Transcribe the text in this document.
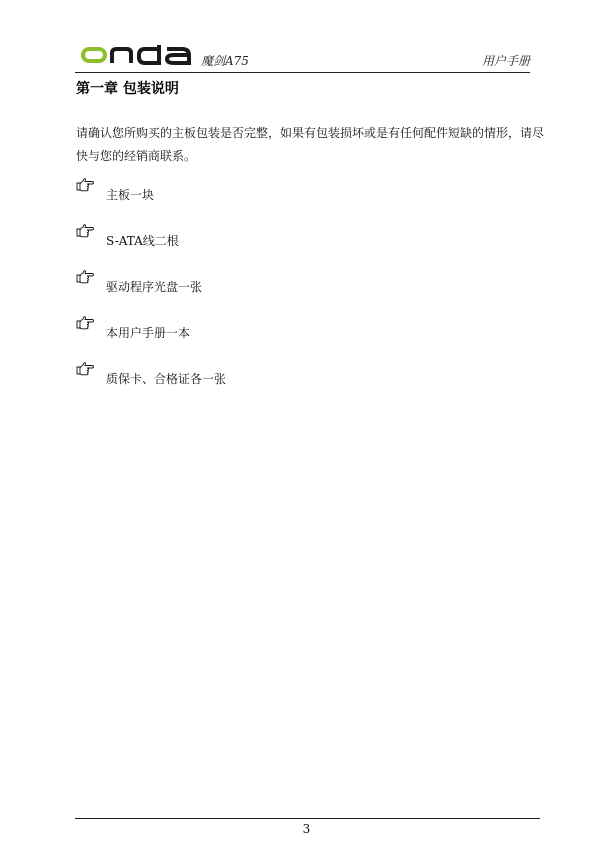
魔剑A75	用户手册
第一章 包装说明
请确认您所购买的主板包装是否完整，如果有包装损坏或是有任何配件短缺的情形，请尽快与您的经销商联系。
主板一块
S-ATA线二根
驱动程序光盘一张
本用户手册一本
质保卡、合格证各一张
3
